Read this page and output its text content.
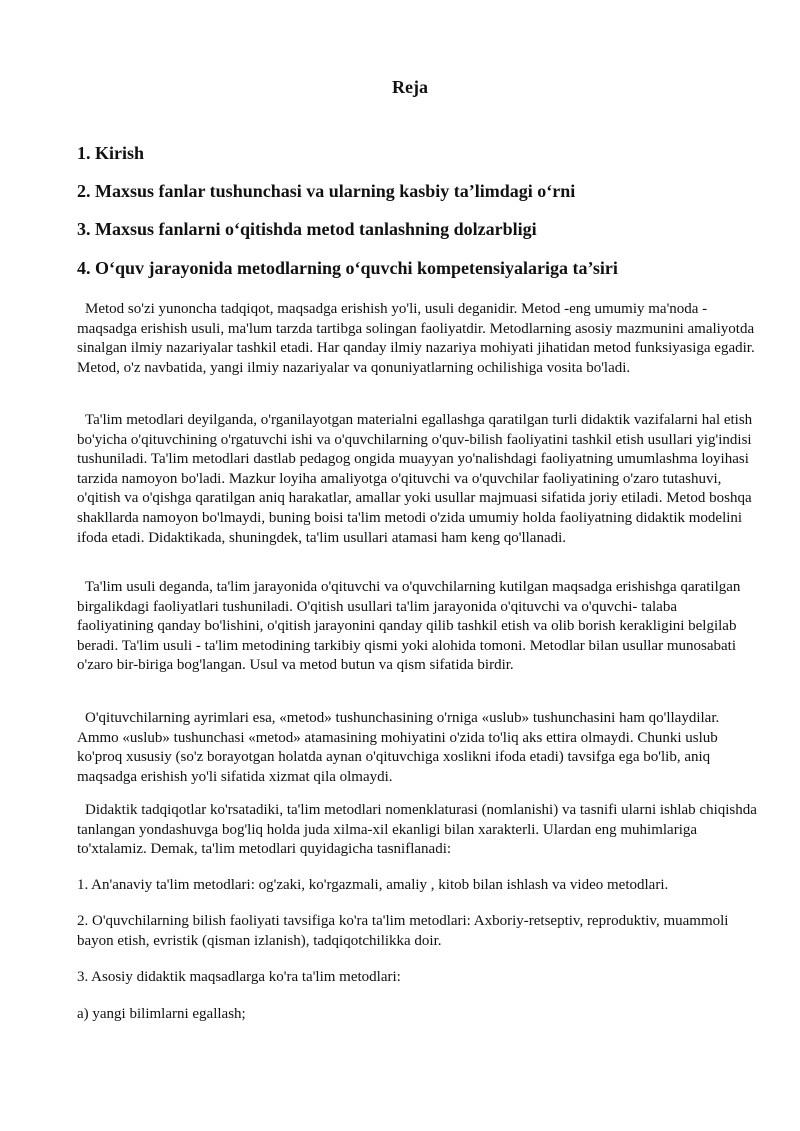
Reja
1. Kirish
2. Maxsus fanlar tushunchasi va ularning kasbiy ta’limdagi o‘rni
3. Maxsus fanlarni o‘qitishda metod tanlashning dolzarbligi
4. O‘quv jarayonida metodlarning o‘quvchi kompetensiyalariga ta’siri

Metod so'zi yunoncha tadqiqot, maqsadga erishish yo'li, usuli deganidir. Metod -eng umumiy ma'noda - maqsadga erishish usuli, ma'lum tarzda tartibga solingan faoliyatdir. Metodlarning asosiy mazmunini amaliyotda sinalgan ilmiy nazariyalar tashkil etadi. Har qanday ilmiy nazariya mohiyati jihatidan metod funksiyasiga egadir. Metod, o'z navbatida, yangi ilmiy nazariyalar va qonuniyatlarning ochilishiga vosita bo'ladi.

Ta'lim metodlari deyilganda, o'rganilayotgan materialni egallashga qaratilgan turli didaktik vazifalarni hal etish bo'yicha o'qituvchining o'rgatuvchi ishi va o'quvchilarning o'quv-bilish faoliyatini tashkil etish usullari yig'indisi tushuniladi. Ta'lim metodlari dastlab pedagog ongida muayyan yo'nalishdagi faoliyatning umumlashma loyihasi tarzida namoyon bo'ladi. Mazkur loyiha amaliyotga o'qituvchi va o'quvchilar faoliyatining o'zaro tutashuvi, o'qitish va o'qishga qaratilgan aniq harakatlar, amallar yoki usullar majmuasi sifatida joriy etiladi. Metod boshqa shakllarda namoyon bo'lmaydi, buning boisi ta'lim metodi o'zida umumiy holda faoliyatning didaktik modelini ifoda etadi. Didaktikada, shuningdek, ta'lim usullari atamasi ham keng qo'llanadi.

Ta'lim usuli deganda, ta'lim jarayonida o'qituvchi va o'quvchilarning kutilgan maqsadga erishishga qaratilgan birgalikdagi faoliyatlari tushuniladi. O'qitish usullari ta'lim jarayonida o'qituvchi va o'quvchi- talaba faoliyatining qanday bo'lishini, o'qitish jarayonini qanday qilib tashkil etish va olib borish kerakligini belgilab beradi. Ta'lim usuli - ta'lim metodining tarkibiy qismi yoki alohida tomoni. Metodlar bilan usullar munosabati o'zaro bir-biriga bog'langan. Usul va metod butun va qism sifatida birdir.

O'qituvchilarning ayrimlari esa, «metod» tushunchasining o'rniga «uslub» tushunchasini ham qo'llaydilar. Ammo «uslub» tushunchasi «metod» atamasining mohiyatini o'zida to'liq aks ettira olmaydi. Chunki uslub ko'proq xususiy (so'z borayotgan holatda aynan o'qituvchiga xoslikni ifoda etadi) tavsifga ega bo'lib, aniq maqsadga erishish yo'li sifatida xizmat qila olmaydi.

Didaktik tadqiqotlar ko'rsatadiki, ta'lim metodlari nomenklaturasi (nomlanishi) va tasnifi ularni ishlab chiqishda tanlangan yondashuvga bog'liq holda juda xilma-xil ekanligi bilan xarakterli. Ulardan eng muhimlariga to'xtalamiz. Demak, ta'lim metodlari quyidagicha tasniflanadi:

1. An'anaviy ta'lim metodlari: og'zaki, ko'rgazmali, amaliy , kitob bilan ishlash va video metodlari.

2. O'quvchilarning bilish faoliyati tavsifiga ko'ra ta'lim metodlari: Axboriy-retseptiv, reproduktiv, muammoli bayon etish, evristik (qisman izlanish), tadqiqotchilikka doir.

3. Asosiy didaktik maqsadlarga ko'ra ta'lim metodlari:

a) yangi bilimlarni egallash;
